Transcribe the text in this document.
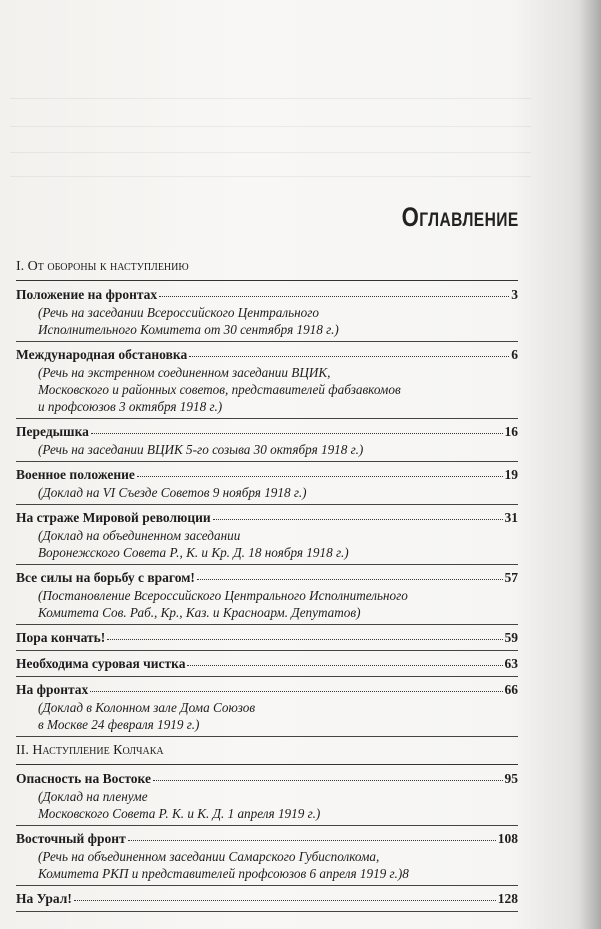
Оглавление
I. От обороны к наступлению
Положение на фронтах	3
(Речь на заседании Всероссийского Центрального
Исполнительного Комитета от 30 сентября 1918 г.)
Международная обстановка	6
(Речь на экстренном соединенном заседании ВЦИК,
Московского и районных советов, представителей фабзавкомов
и профсоюзов 3 октября 1918 г.)
Передышка	16
(Речь на заседании ВЦИК 5-го созыва 30 октября 1918 г.)
Военное положение	19
(Доклад на VI Съезде Советов 9 ноября 1918 г.)
На страже Мировой революции	31
(Доклад на объединенном заседании
Воронежского Совета Р., К. и Кр. Д. 18 ноября 1918 г.)
Все силы на борьбу с врагом!	57
(Постановление Всероссийского Центрального Исполнительного
Комитета Сов. Раб., Кр., Каз. и Красноарм. Депутатов)
Пора кончать!	59
Необходима суровая чистка	63
На фронтах	66
(Доклад в Колонном зале Дома Союзов
в Москве 24 февраля 1919 г.)
II. Наступление Колчака
Опасность на Востоке	95
(Доклад на пленуме
Московского Совета Р. К. и К. Д. 1 апреля 1919 г.)
Восточный фронт	108
(Речь на объединенном заседании Самарского Губисполкома,
Комитета РКП и представителей профсоюзов 6 апреля 1919 г.)8
На Урал!	128
